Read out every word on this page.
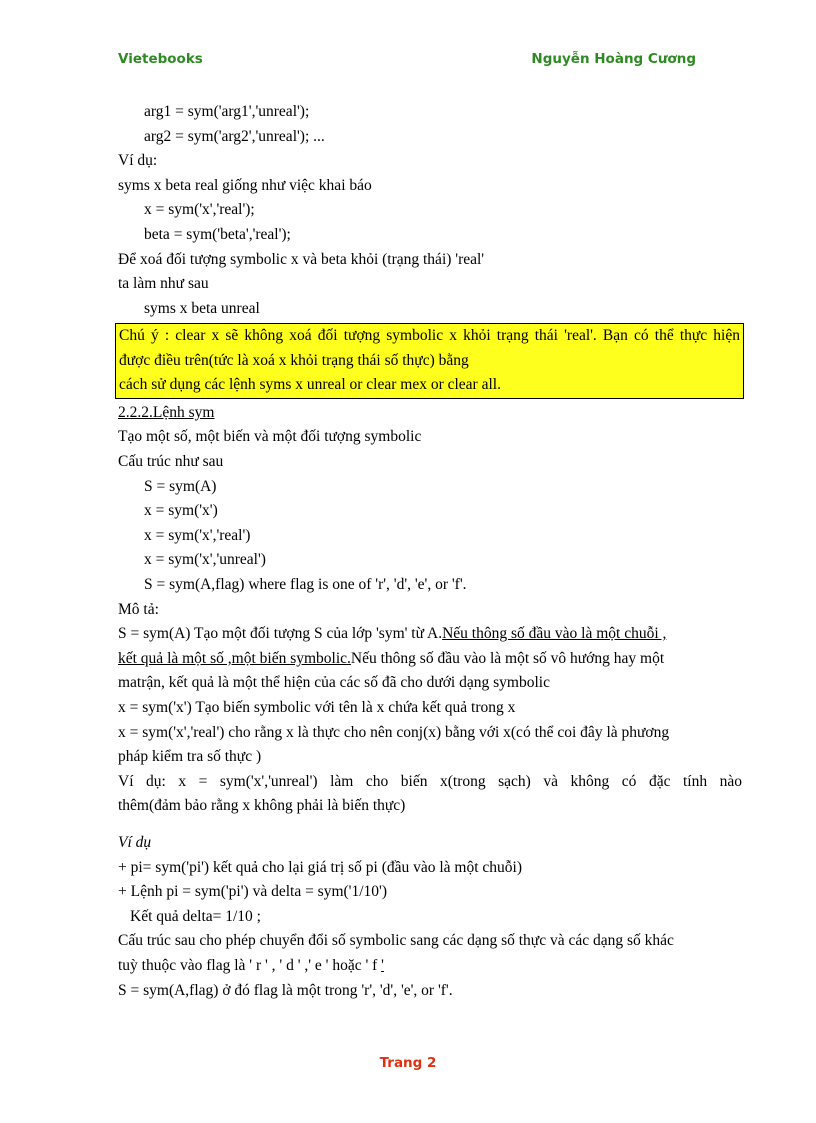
Vietebooks	Nguyễn Hoàng Cương
arg1 = sym('arg1','unreal');
arg2 = sym('arg2','unreal'); ...
Ví dụ:
syms x beta real giống như việc khai báo
x = sym('x','real');
beta = sym('beta','real');
Để xoá đối tượng symbolic x và beta khỏi (trạng thái) 'real'
ta làm như sau
syms x beta unreal
Chú ý : clear x sẽ không xoá đối tượng symbolic x khỏi trạng thái 'real'. Bạn có thể thực hiện
được điều trên(tức là xoá x khỏi trạng thái số thực) bằng
cách sử dụng các lệnh syms x unreal or clear mex or clear all.
2.2.2.Lệnh sym
Tạo một số, một biến và một đối tượng symbolic
Cấu trúc như sau
S = sym(A)
x = sym('x')
x = sym('x','real')
x = sym('x','unreal')
S = sym(A,flag) where flag is one of 'r', 'd', 'e', or 'f'.
Mô tả:
S = sym(A) Tạo một đối tượng S của lớp 'sym' từ A.Nếu thông số đầu vào là một chuỗi ,
kết quả là một số ,một biến symbolic.Nếu thông số đầu vào là một số vô hướng hay một
matrận, kết quả là một thể hiện của các số đã cho dưới dạng symbolic
x = sym('x') Tạo biến symbolic với tên là x chứa kết quả trong x
x = sym('x','real') cho rằng x là thực cho nên conj(x) bằng với x(có thể coi đây là phương
pháp kiểm tra số thực )
Ví dụ: x = sym('x','unreal') làm cho biến x(trong sạch) và không có đặc tính nào
thêm(đảm bảo rằng x không phải là biến thực)
Ví dụ
+ pi= sym('pi') kết quả cho lại giá trị số pi (đầu vào là một chuỗi)
+ Lệnh pi = sym('pi') và delta = sym('1/10')
Kết quả delta= 1/10 ;
Cấu trúc sau cho phép chuyển đổi số symbolic sang các dạng số thực và các dạng số khác
tuỳ thuộc vào flag là ' r ' , ' d ' ,' e ' hoặc ' f '
S = sym(A,flag) ở đó flag là một trong 'r', 'd', 'e', or 'f'.
Trang 2
